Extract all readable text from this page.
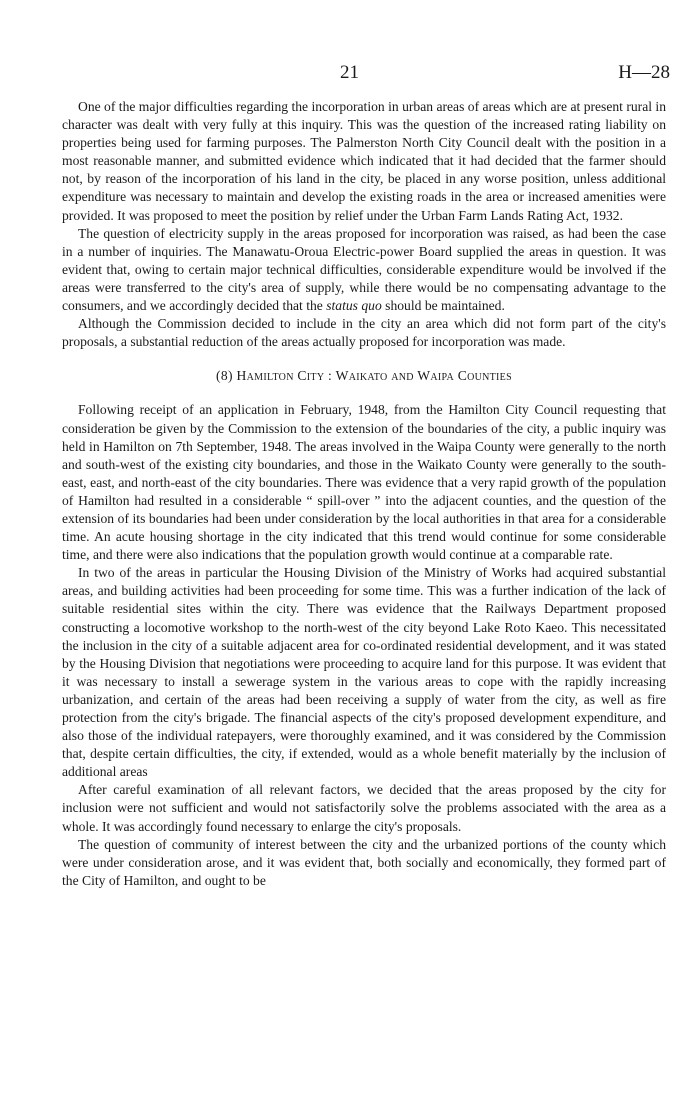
21	H—28

One of the major difficulties regarding the incorporation in urban areas of areas which are at present rural in character was dealt with very fully at this inquiry. This was the question of the increased rating liability on properties being used for farming purposes. The Palmerston North City Council dealt with the position in a most reasonable manner, and submitted evidence which indicated that it had decided that the farmer should not, by reason of the incorporation of his land in the city, be placed in any worse position, unless additional expenditure was necessary to maintain and develop the existing roads in the area or increased amenities were provided. It was proposed to meet the position by relief under the Urban Farm Lands Rating Act, 1932.

The question of electricity supply in the areas proposed for incorporation was raised, as had been the case in a number of inquiries. The Manawatu-Oroua Electric-power Board supplied the areas in question. It was evident that, owing to certain major technical difficulties, considerable expenditure would be involved if the areas were transferred to the city's area of supply, while there would be no compensating advantage to the consumers, and we accordingly decided that the status quo should be maintained.

Although the Commission decided to include in the city an area which did not form part of the city's proposals, a substantial reduction of the areas actually proposed for incorporation was made.

(8) Hamilton City : Waikato and Waipa Counties

Following receipt of an application in February, 1948, from the Hamilton City Council requesting that consideration be given by the Commission to the extension of the boundaries of the city, a public inquiry was held in Hamilton on 7th September, 1948. The areas involved in the Waipa County were generally to the north and south-west of the existing city boundaries, and those in the Waikato County were generally to the south-east, east, and north-east of the city boundaries. There was evidence that a very rapid growth of the population of Hamilton had resulted in a considerable “ spill-over ” into the adjacent counties, and the question of the extension of its boundaries had been under consideration by the local authorities in that area for a considerable time. An acute housing shortage in the city indicated that this trend would continue for some considerable time, and there were also indications that the population growth would continue at a comparable rate.

In two of the areas in particular the Housing Division of the Ministry of Works had acquired substantial areas, and building activities had been proceeding for some time. This was a further indication of the lack of suitable residential sites within the city. There was evidence that the Railways Department proposed constructing a locomotive workshop to the north-west of the city beyond Lake Roto Kaeo. This necessitated the inclusion in the city of a suitable adjacent area for co-ordinated residential development, and it was stated by the Housing Division that negotiations were proceeding to acquire land for this purpose. It was evident that it was necessary to install a sewerage system in the various areas to cope with the rapidly increasing urbanization, and certain of the areas had been receiving a supply of water from the city, as well as fire protection from the city's brigade. The financial aspects of the city's proposed development expenditure, and also those of the individual ratepayers, were thoroughly examined, and it was considered by the Commission that, despite certain difficulties, the city, if extended, would as a whole benefit materially by the inclusion of additional areas

After careful examination of all relevant factors, we decided that the areas proposed by the city for inclusion were not sufficient and would not satisfactorily solve the problems associated with the area as a whole. It was accordingly found necessary to enlarge the city's proposals.

The question of community of interest between the city and the urbanized portions of the county which were under consideration arose, and it was evident that, both socially and economically, they formed part of the City of Hamilton, and ought to be
